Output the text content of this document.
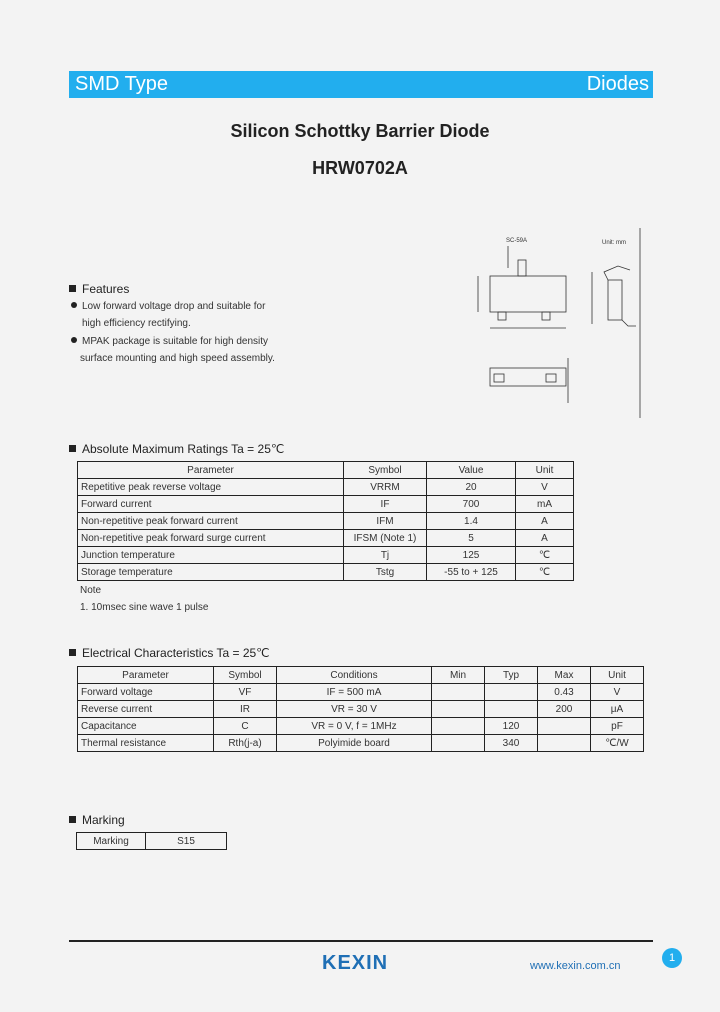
SMD Type	Diodes
Silicon Schottky Barrier Diode
HRW0702A
SC-59A	Unit: mm
Features
Low forward voltage drop and suitable for
high efficiency rectifying.
MPAK package is suitable for high density
surface mounting and high speed assembly.
Absolute Maximum Ratings Ta = 25℃
Parameter	Symbol	Value	Unit
Repetitive peak reverse voltage	VRRM	20	V
Forward current	IF	700	mA
Non-repetitive peak forward current	IFM	1.4	A
Non-repetitive peak forward surge current	IFSM (Note 1)	5	A
Junction temperature	Tj	125	℃
Storage temperature	Tstg	-55 to + 125	℃
Note
1. 10msec sine wave 1 pulse
Electrical Characteristics Ta = 25℃
Parameter	Symbol	Conditions	Min	Typ	Max	Unit
Forward voltage	VF	IF = 500 mA			0.43	V
Reverse current	IR	VR = 30 V			200	μA
Capacitance	C	VR = 0 V, f = 1MHz		120		pF
Thermal resistance	Rth(j-a)	Polyimide board		340		℃/W
Marking
Marking	S15
KEXIN	www.kexin.com.cn
1
